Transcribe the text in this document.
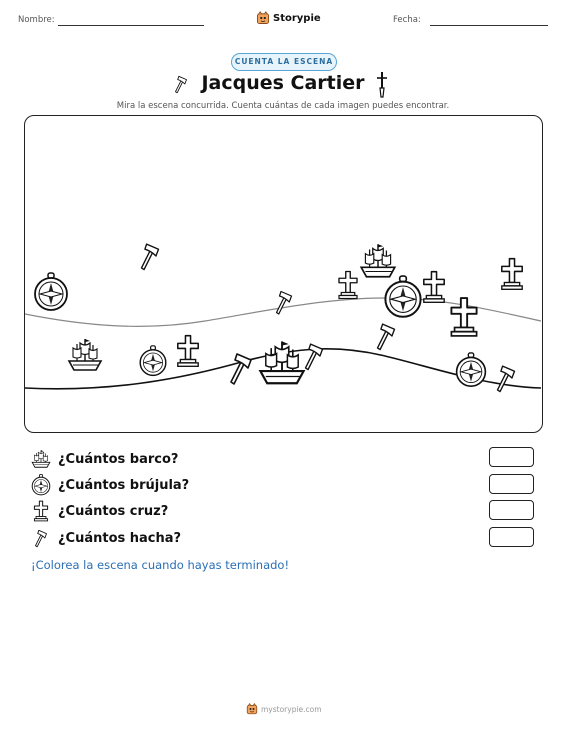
Nombre:	Storypie	Fecha:
CUENTA LA ESCENA
Jacques Cartier
Mira la escena concurrida. Cuenta cuántas de cada imagen puedes encontrar.
¿Cuántos barco?
¿Cuántos brújula?
¿Cuántos cruz?
¿Cuántos hacha?
¡Colorea la escena cuando hayas terminado!
mystorypie.com
